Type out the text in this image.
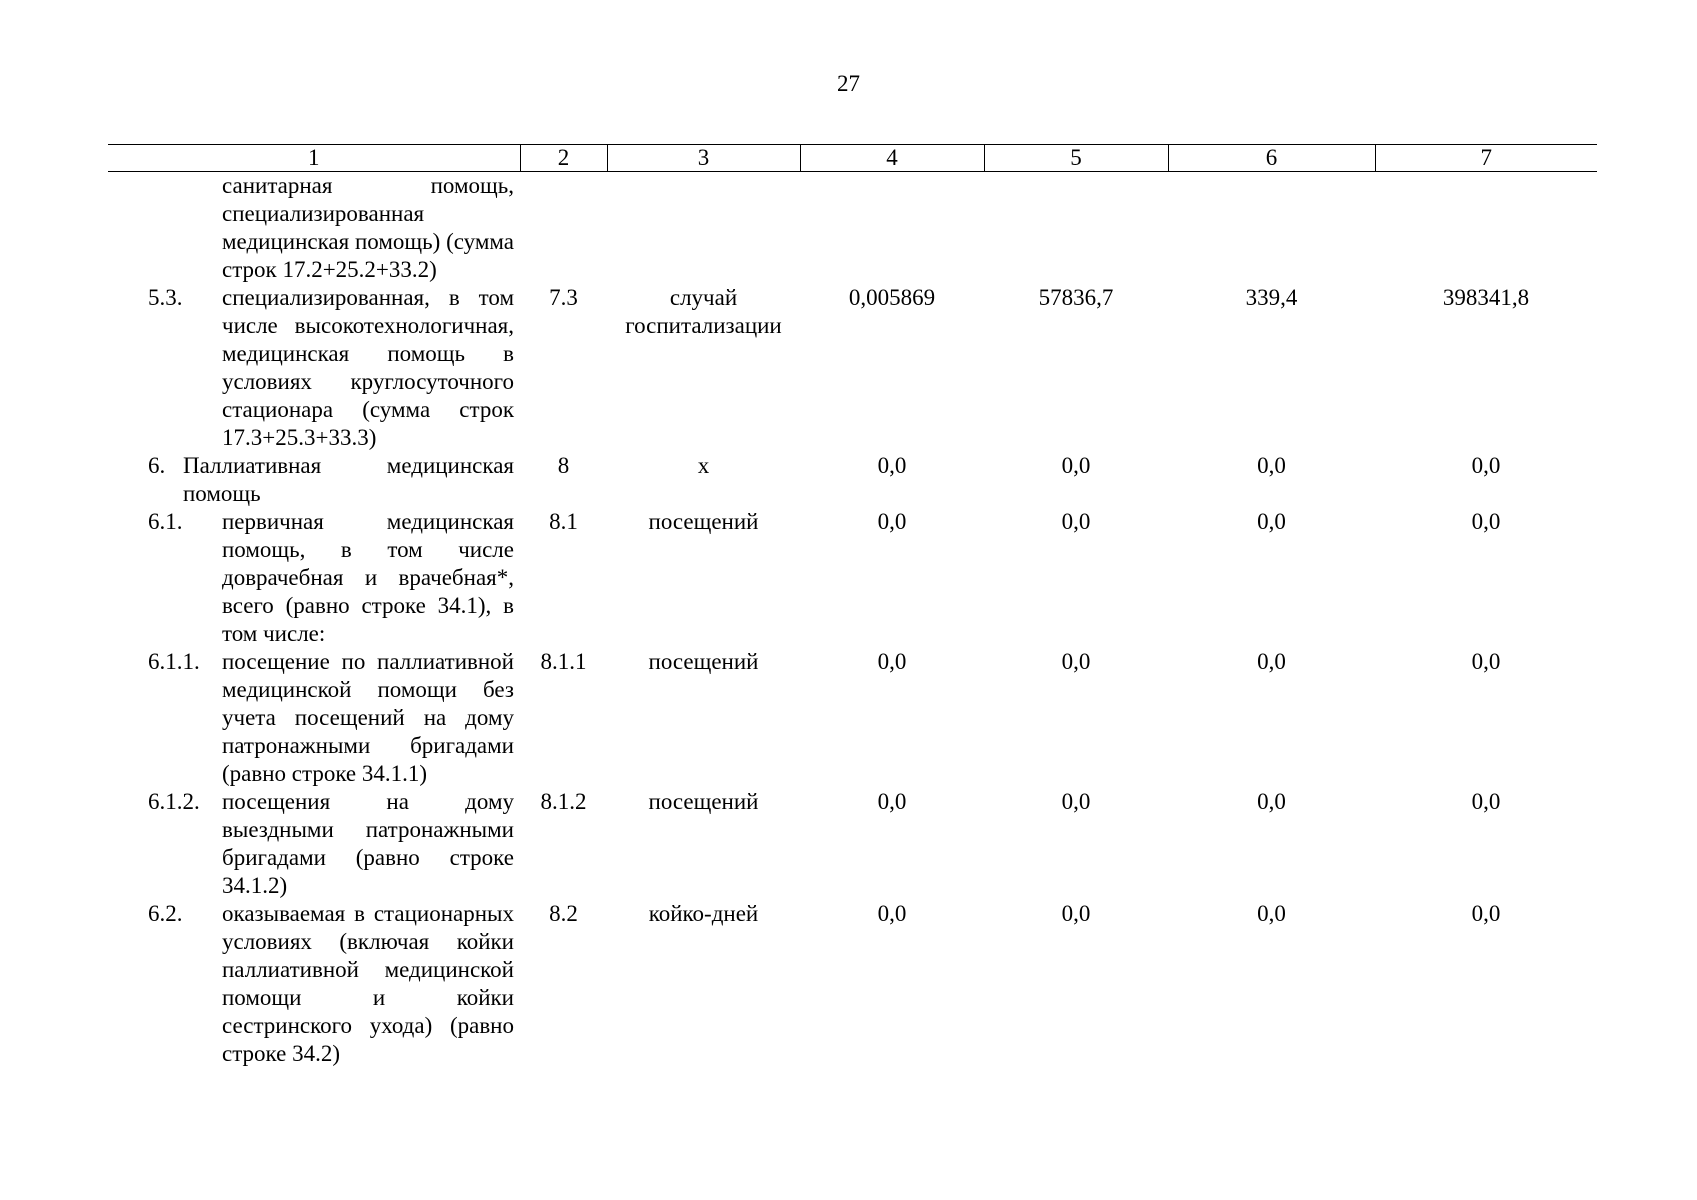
27
1	2	3	4	5	6	7

санитарная помощь, специализированная медицинская помощь) (сумма строк 17.2+25.2+33.2)						

5.3. специализированная, в том числе высокотехнологичная, медицинская помощь в условиях круглосуточного стационара (сумма строк 17.3+25.3+33.3)	7.3	случай госпитализации	0,005869	57836,7	339,4	398341,8

6. Паллиативная медицинская помощь	8	х	0,0	0,0	0,0	0,0

6.1. первичная медицинская помощь, в том числе доврачебная и врачебная*, всего (равно строке 34.1), в том числе:	8.1	посещений	0,0	0,0	0,0	0,0

6.1.1. посещение по паллиативной медицинской помощи без учета посещений на дому патронажными бригадами (равно строке 34.1.1)	8.1.1	посещений	0,0	0,0	0,0	0,0

6.1.2. посещения на дому выездными патронажными бригадами (равно строке 34.1.2)	8.1.2	посещений	0,0	0,0	0,0	0,0

6.2. оказываемая в стационарных условиях (включая койки паллиативной медицинской помощи и койки сестринского ухода) (равно строке 34.2)	8.2	койко-дней	0,0	0,0	0,0	0,0
